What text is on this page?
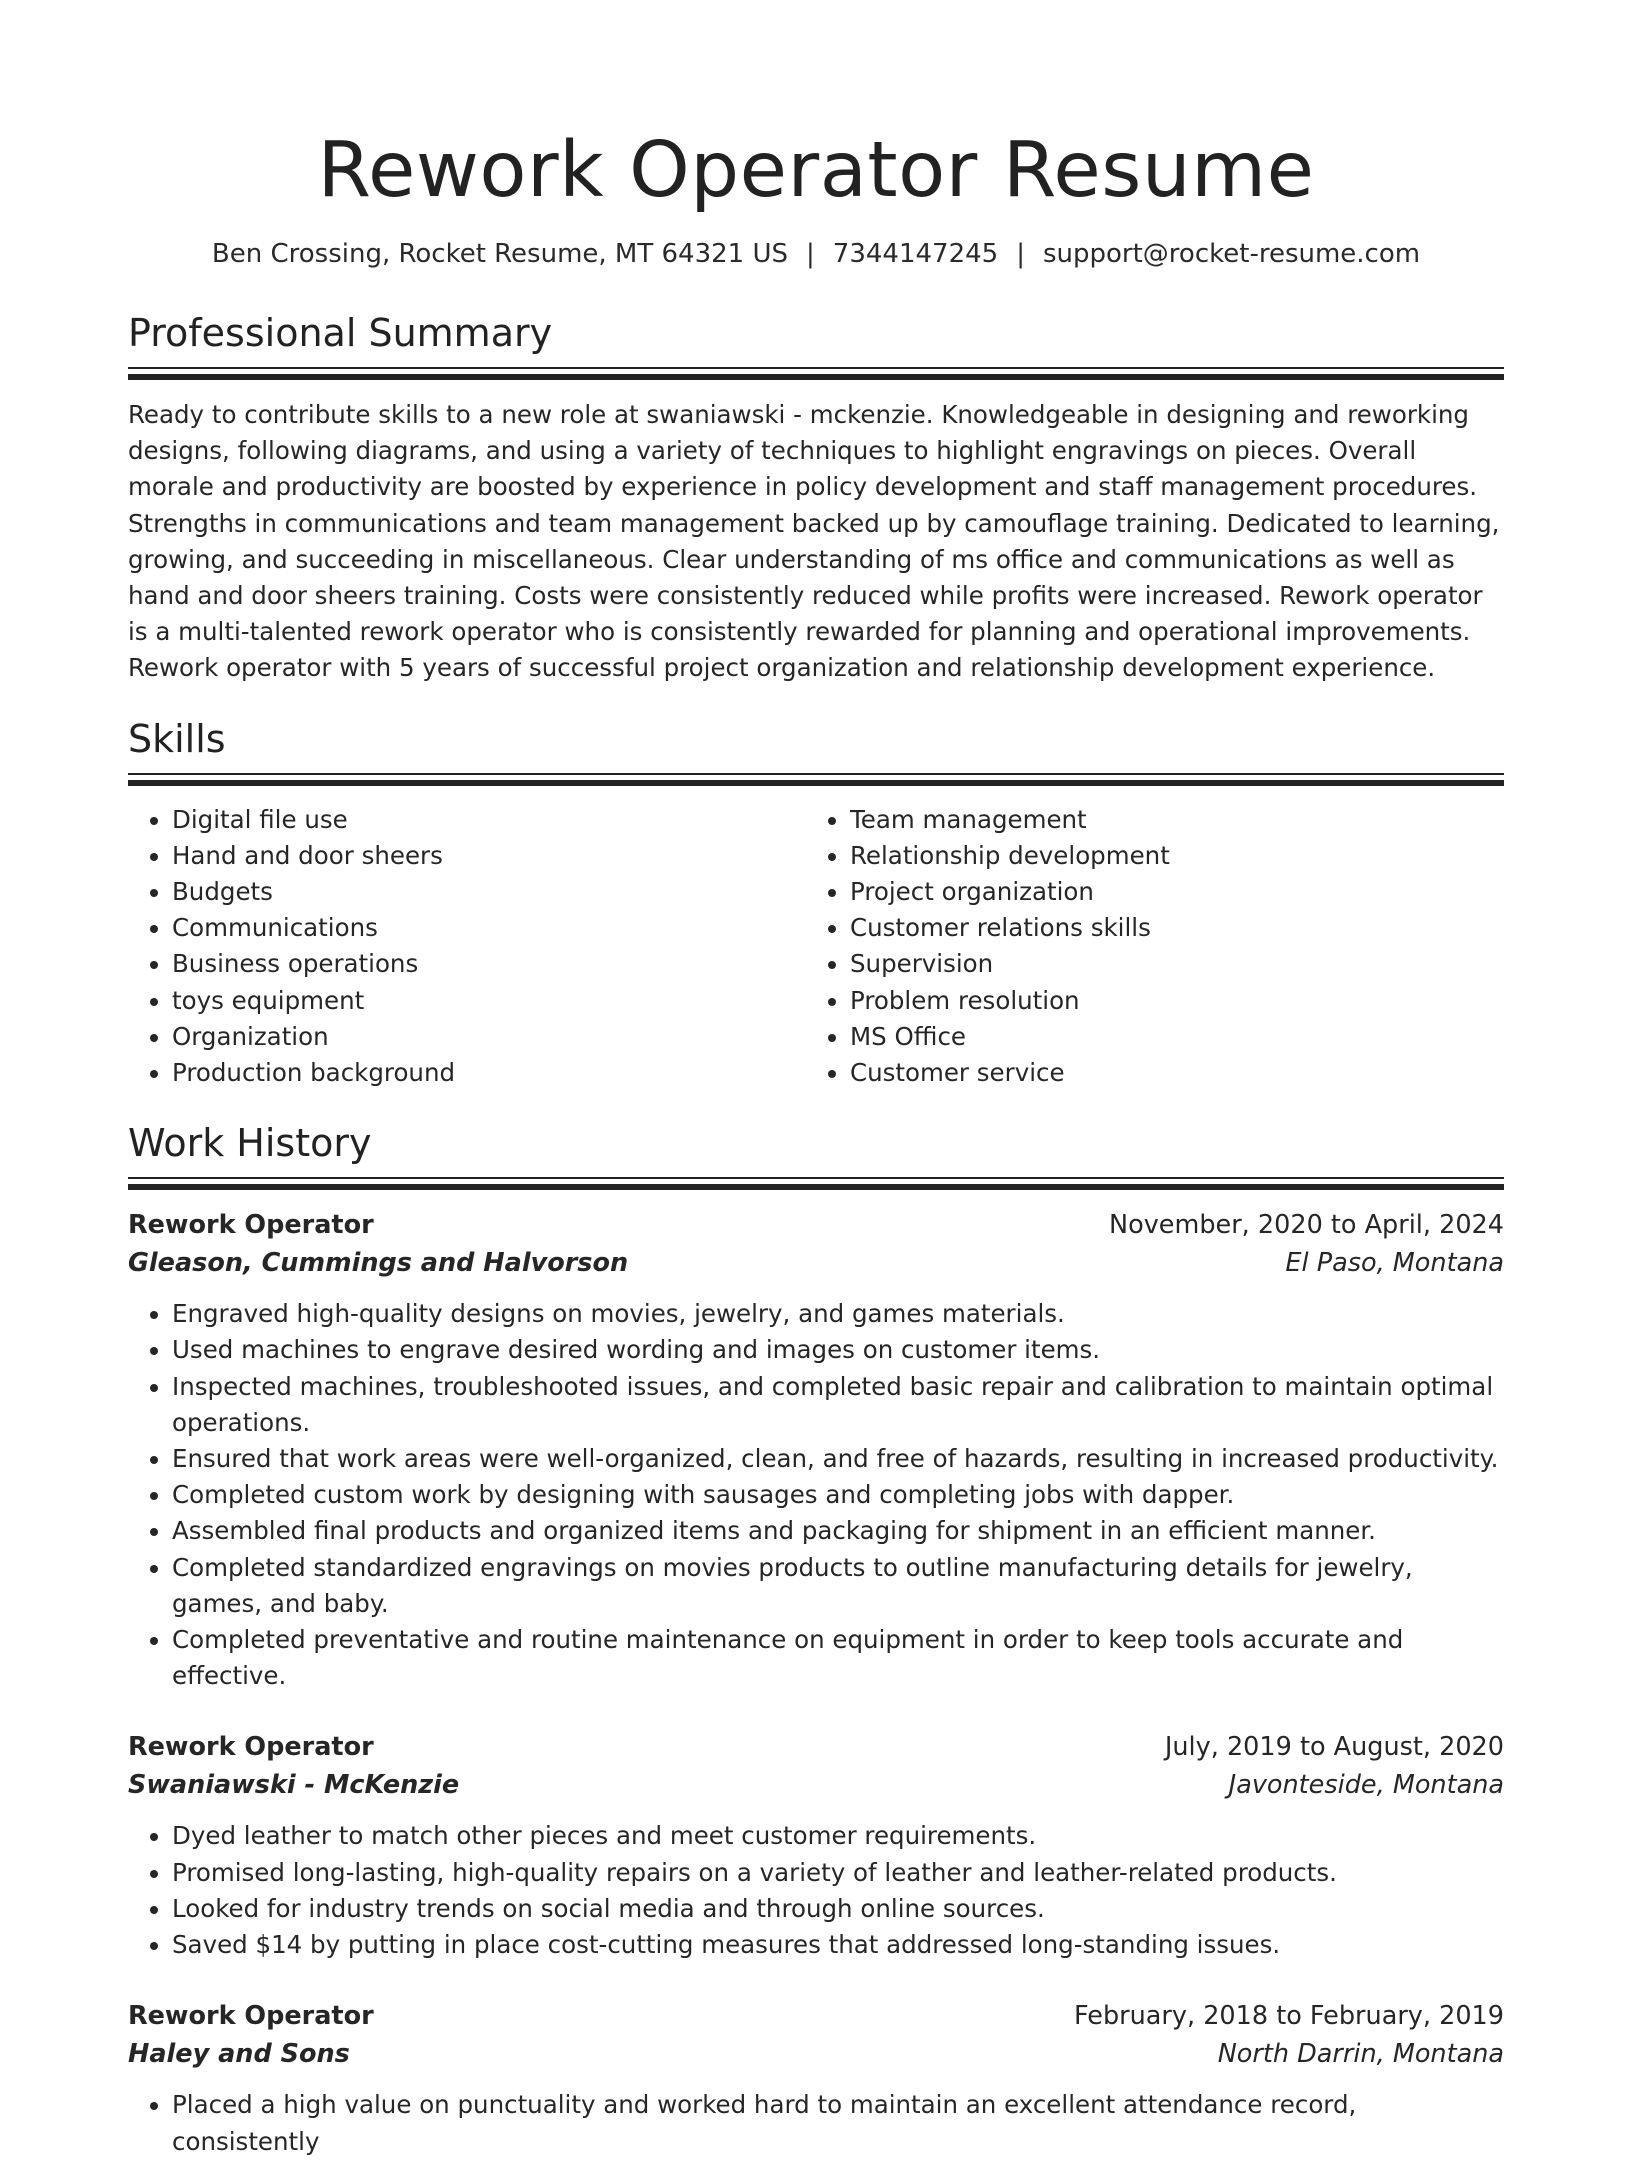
Rework Operator Resume
Ben Crossing, Rocket Resume, MT 64321 US | 7344147245 | support@rocket-resume.com
Professional Summary

Ready to contribute skills to a new role at swaniawski - mckenzie. Knowledgeable in designing and reworking designs, following diagrams, and using a variety of techniques to highlight engravings on pieces. Overall morale and productivity are boosted by experience in policy development and staff management procedures. Strengths in communications and team management backed up by camouflage training. Dedicated to learning, growing, and succeeding in miscellaneous. Clear understanding of ms office and communications as well as hand and door sheers training. Costs were consistently reduced while profits were increased. Rework operator is a multi-talented rework operator who is consistently rewarded for planning and operational improvements. Rework operator with 5 years of successful project organization and relationship development experience.

Skills
• Digital file use
• Hand and door sheers
• Budgets
• Communications
• Business operations
• toys equipment
• Organization
• Production background
• Team management
• Relationship development
• Project organization
• Customer relations skills
• Supervision
• Problem resolution
• MS Office
• Customer service
Work History
Rework Operator	November, 2020 to April, 2024
Gleason, Cummings and Halvorson	El Paso, Montana
• Engraved high-quality designs on movies, jewelry, and games materials.
• Used machines to engrave desired wording and images on customer items.
• Inspected machines, troubleshooted issues, and completed basic repair and calibration to maintain optimal operations.
• Ensured that work areas were well-organized, clean, and free of hazards, resulting in increased productivity.
• Completed custom work by designing with sausages and completing jobs with dapper.
• Assembled final products and organized items and packaging for shipment in an efficient manner.
• Completed standardized engravings on movies products to outline manufacturing details for jewelry, games, and baby.
• Completed preventative and routine maintenance on equipment in order to keep tools accurate and effective.
Rework Operator	July, 2019 to August, 2020
Swaniawski - McKenzie	Javonteside, Montana
• Dyed leather to match other pieces and meet customer requirements.
• Promised long-lasting, high-quality repairs on a variety of leather and leather-related products.
• Looked for industry trends on social media and through online sources.
• Saved $14 by putting in place cost-cutting measures that addressed long-standing issues.
Rework Operator	February, 2018 to February, 2019
Haley and Sons	North Darrin, Montana
• Placed a high value on punctuality and worked hard to maintain an excellent attendance record, consistently
